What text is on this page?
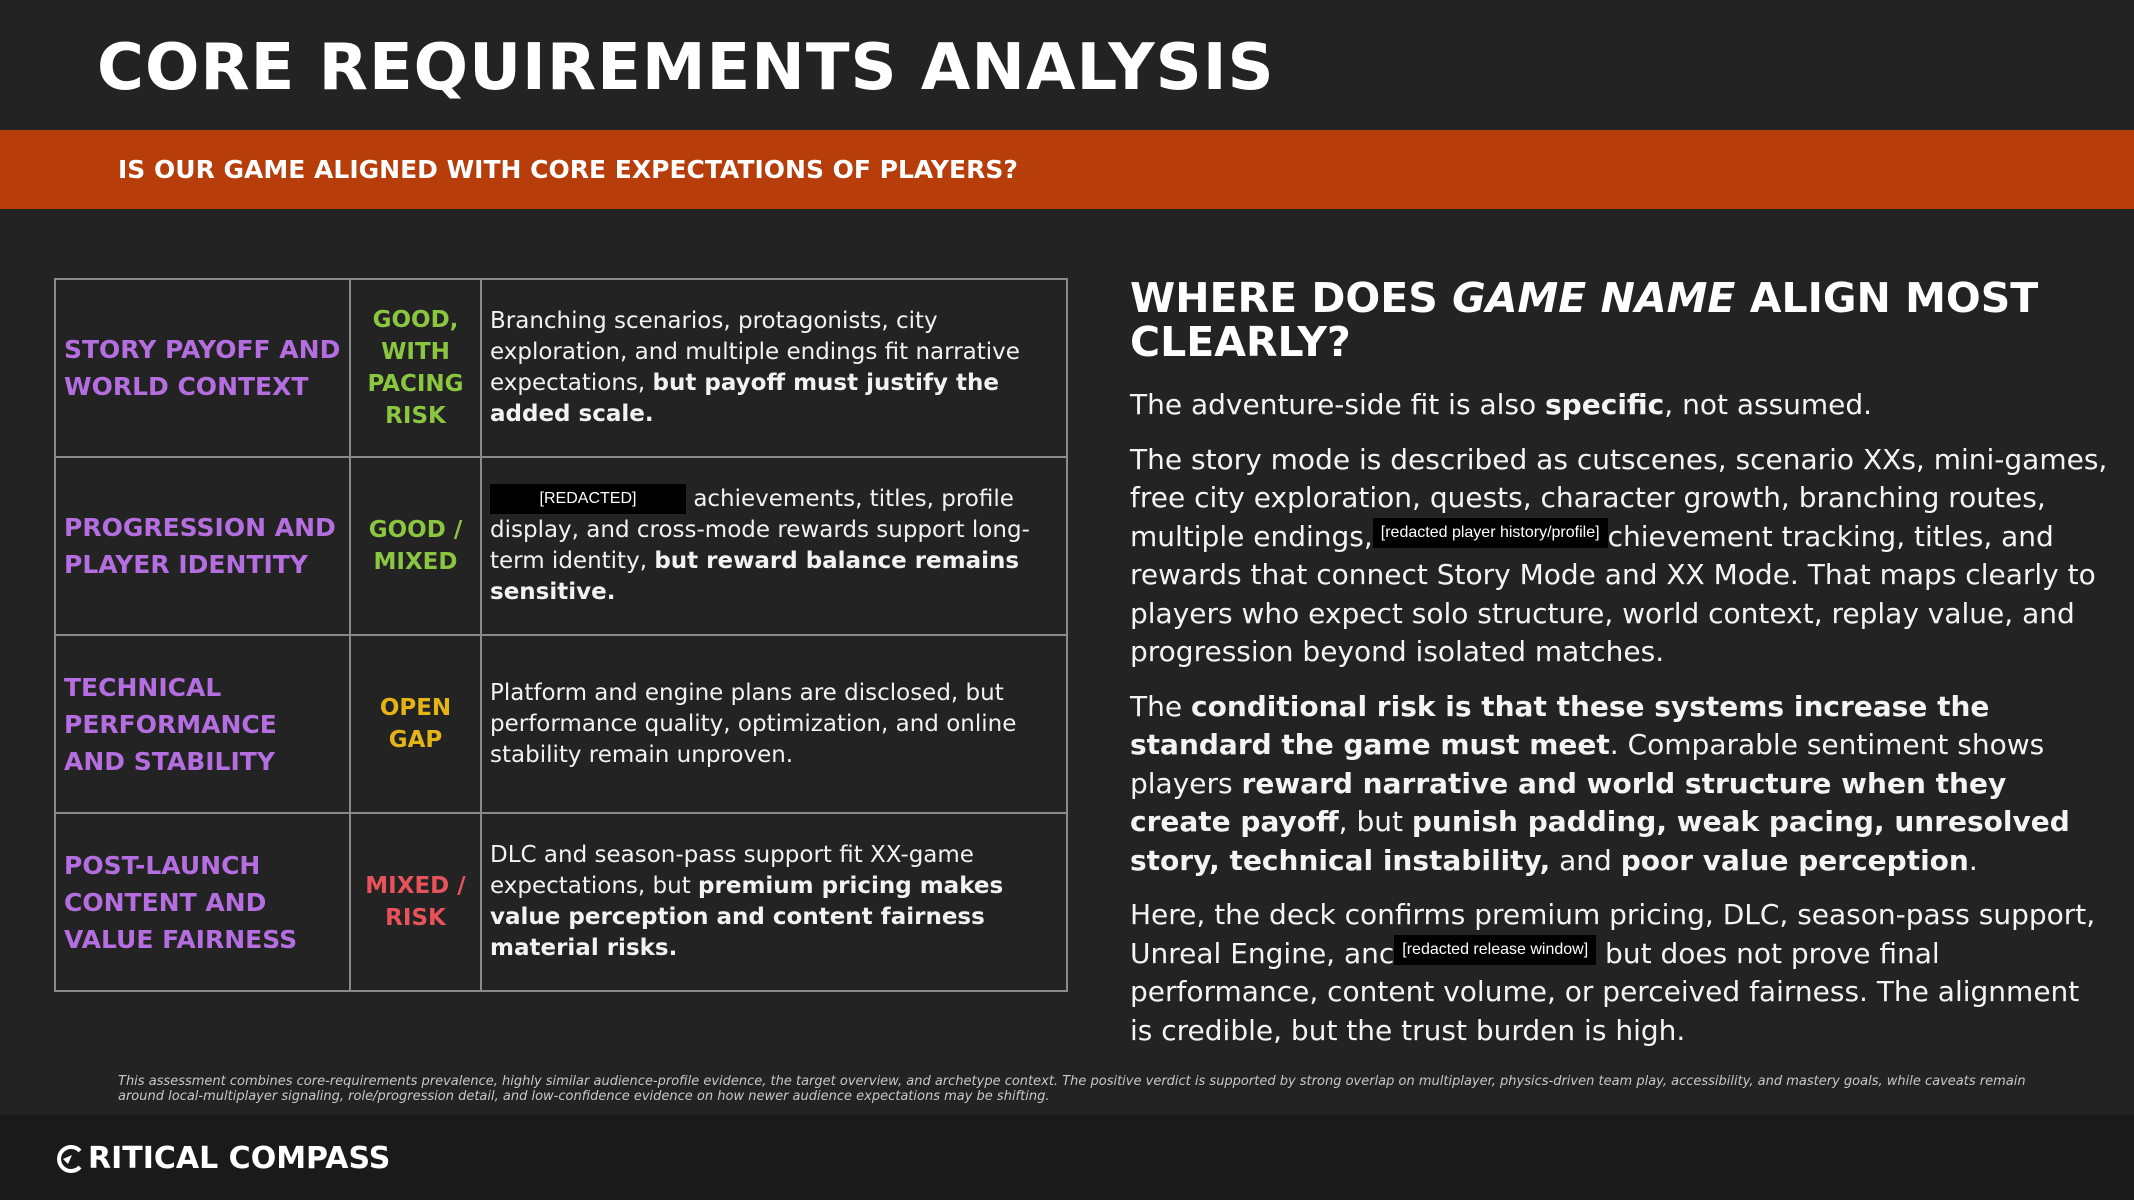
CORE REQUIREMENTS ANALYSIS
IS OUR GAME ALIGNED WITH CORE EXPECTATIONS OF PLAYERS?
STORY PAYOFF AND WORLD CONTEXT	GOOD, WITH PACING RISK	Branching scenarios, protagonists, city exploration, and multiple endings fit narrative expectations, but payoff must justify the added scale.
PROGRESSION AND PLAYER IDENTITY	GOOD / MIXED	[REDACTED] achievements, titles, profile display, and cross-mode rewards support long-term identity, but reward balance remains sensitive.
TECHNICAL PERFORMANCE AND STABILITY	OPEN GAP	Platform and engine plans are disclosed, but performance quality, optimization, and online stability remain unproven.
POST-LAUNCH CONTENT AND VALUE FAIRNESS	MIXED / RISK	DLC and season-pass support fit XX-game expectations, but premium pricing makes value perception and content fairness material risks.
WHERE DOES GAME NAME ALIGN MOST CLEARLY?

The adventure-side fit is also specific, not assumed.

The story mode is described as cutscenes, scenario XXs, mini-games, free city exploration, quests, character growth, branching routes, multiple endings, [redacted player history/profile] chievement tracking, titles, and rewards that connect Story Mode and XX Mode. That maps clearly to players who expect solo structure, world context, replay value, and progression beyond isolated matches.

The conditional risk is that these systems increase the standard the game must meet. Comparable sentiment shows players reward narrative and world structure when they create payoff, but punish padding, weak pacing, unresolved story, technical instability, and poor value perception.

Here, the deck confirms premium pricing, DLC, season-pass support, Unreal Engine, anc [redacted release window] but does not prove final performance, content volume, or perceived fairness. The alignment is credible, but the trust burden is high.

This assessment combines core-requirements prevalence, highly similar audience-profile evidence, the target overview, and archetype context. The positive verdict is supported by strong overlap on multiplayer, physics-driven team play, accessibility, and mastery goals, while caveats remain around local-multiplayer signaling, role/progression detail, and low-confidence evidence on how newer audience expectations may be shifting.
RITICAL COMPASS
